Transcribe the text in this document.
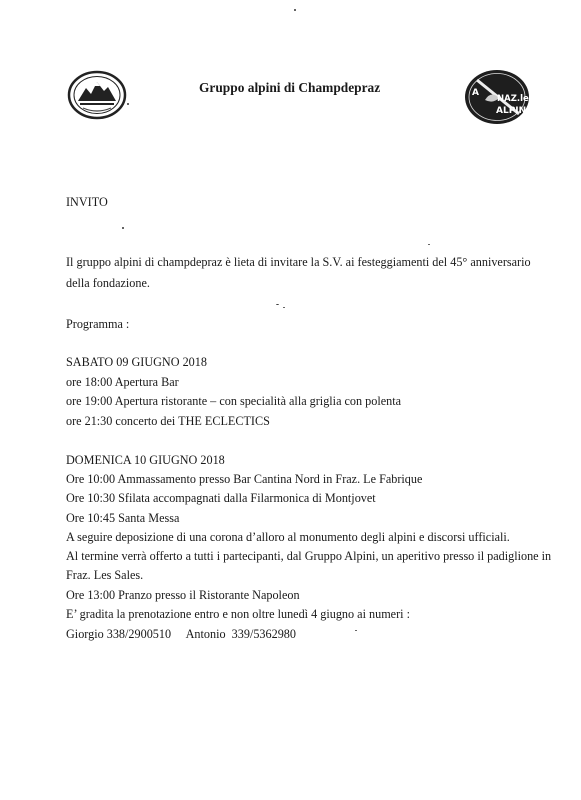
Gruppo alpini di Champdepraz	A
NAZ.le
ALPINI
INVITO
Il gruppo alpini di champdepraz è lieta di invitare la S.V. ai festeggiamenti del 45° anniversario
della fondazione.
Programma :
SABATO 09 GIUGNO 2018
ore 18:00 Apertura Bar
ore 19:00 Apertura ristorante – con specialità alla griglia con polenta
ore 21:30 concerto dei THE ECLECTICS
DOMENICA 10 GIUGNO 2018
Ore 10:00 Ammassamento presso Bar Cantina Nord in Fraz. Le Fabrique
Ore 10:30 Sfilata accompagnati dalla Filarmonica di Montjovet
Ore 10:45 Santa Messa
A seguire deposizione di una corona d’alloro al monumento degli alpini e discorsi ufficiali.
Al termine verrà offerto a tutti i partecipanti, dal Gruppo Alpini, un aperitivo presso il padiglione in
Fraz. Les Sales.
Ore 13:00 Pranzo presso il Ristorante Napoleon
E’ gradita la prenotazione entro e non oltre lunedì 4 giugno ai numeri :
Giorgio 338/2900510     Antonio  339/5362980
